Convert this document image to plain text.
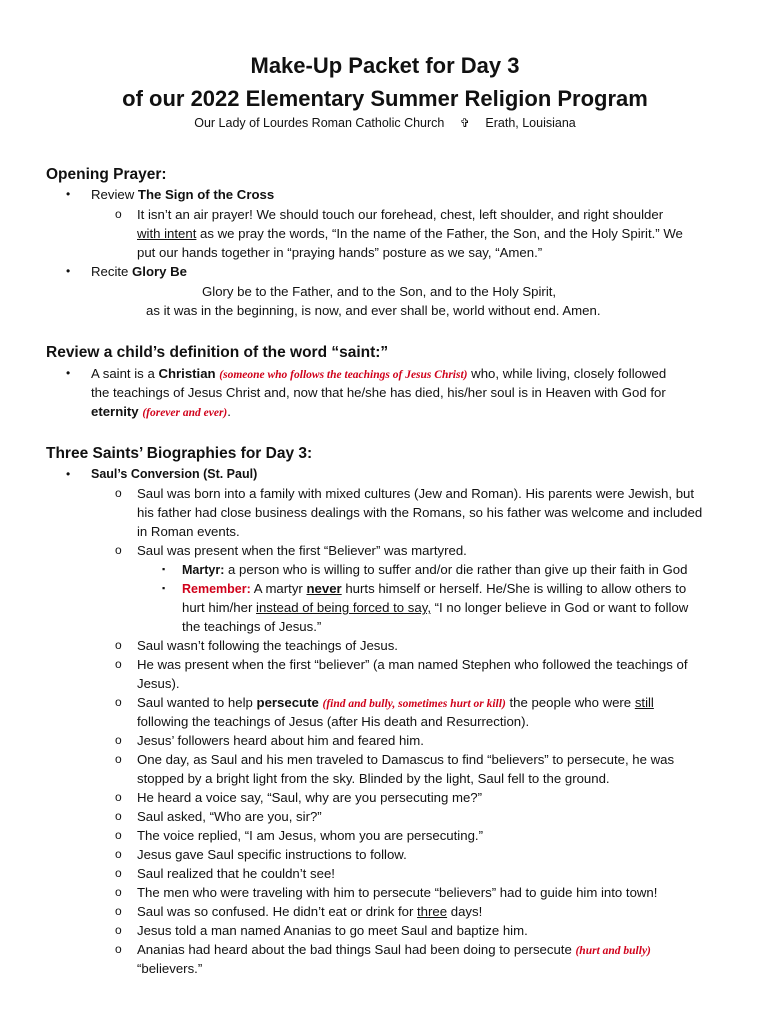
Make-Up Packet for Day 3
of our 2022 Elementary Summer Religion Program
Our Lady of Lourdes Roman Catholic Church ✞ Erath, Louisiana
Opening Prayer:
• Review The Sign of the Cross
o It isn’t an air prayer! We should touch our forehead, chest, left shoulder, and right shoulder
with intent as we pray the words, “In the name of the Father, the Son, and the Holy Spirit.” We
put our hands together in “praying hands” posture as we say, “Amen.”
• Recite Glory Be
Glory be to the Father, and to the Son, and to the Holy Spirit,
as it was in the beginning, is now, and ever shall be, world without end. Amen.
Review a child’s definition of the word “saint:”
• A saint is a Christian (someone who follows the teachings of Jesus Christ) who, while living, closely followed
the teachings of Jesus Christ and, now that he/she has died, his/her soul is in Heaven with God for
eternity (forever and ever).
Three Saints’ Biographies for Day 3:
• Saul’s Conversion (St. Paul)
o Saul was born into a family with mixed cultures (Jew and Roman). His parents were Jewish, but
his father had close business dealings with the Romans, so his father was welcome and included
in Roman events.
o Saul was present when the first “Believer” was martyred.
▪ Martyr: a person who is willing to suffer and/or die rather than give up their faith in God
▪ Remember: A martyr never hurts himself or herself. He/She is willing to allow others to
hurt him/her instead of being forced to say, “I no longer believe in God or want to follow
the teachings of Jesus.”
o Saul wasn’t following the teachings of Jesus.
o He was present when the first “believer” (a man named Stephen who followed the teachings of
Jesus).
o Saul wanted to help persecute (find and bully, sometimes hurt or kill) the people who were still
following the teachings of Jesus (after His death and Resurrection).
o Jesus’ followers heard about him and feared him.
o One day, as Saul and his men traveled to Damascus to find “believers” to persecute, he was
stopped by a bright light from the sky. Blinded by the light, Saul fell to the ground.
o He heard a voice say, “Saul, why are you persecuting me?”
o Saul asked, “Who are you, sir?”
o The voice replied, “I am Jesus, whom you are persecuting.”
o Jesus gave Saul specific instructions to follow.
o Saul realized that he couldn’t see!
o The men who were traveling with him to persecute “believers” had to guide him into town!
o Saul was so confused. He didn’t eat or drink for three days!
o Jesus told a man named Ananias to go meet Saul and baptize him.
o Ananias had heard about the bad things Saul had been doing to persecute (hurt and bully)
“believers.”
